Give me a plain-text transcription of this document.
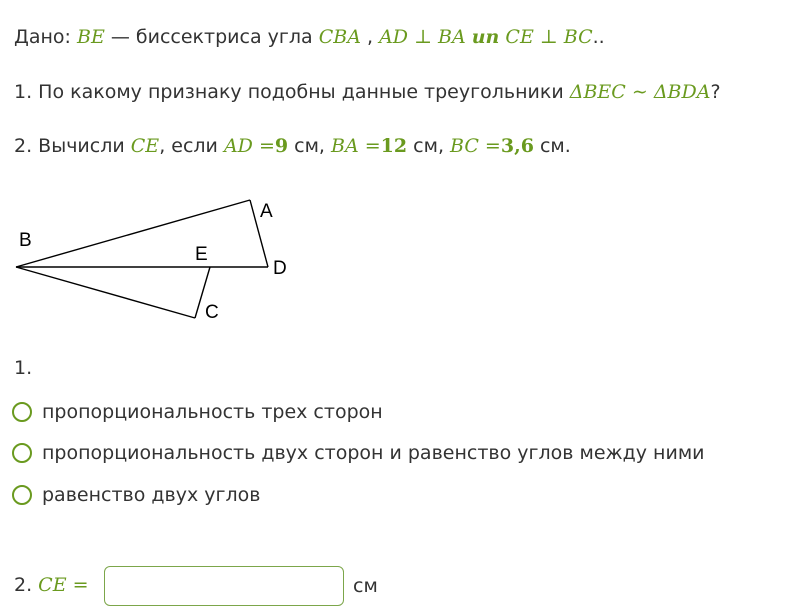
Дано: BE — биссектриса угла CBA , AD ⊥ BA un CE ⊥ BC..
1. По какому признаку подобны данные треугольники ΔBEC ∼ ΔBDA?
2. Вычисли CE, если AD =9 см, BA =12 см, BC =3,6 см.
A
B
E
D
C
1.
пропорциональность трех сторон
пропорциональность двух сторон и равенство углов между ними
равенство двух углов
2. CE =	см
